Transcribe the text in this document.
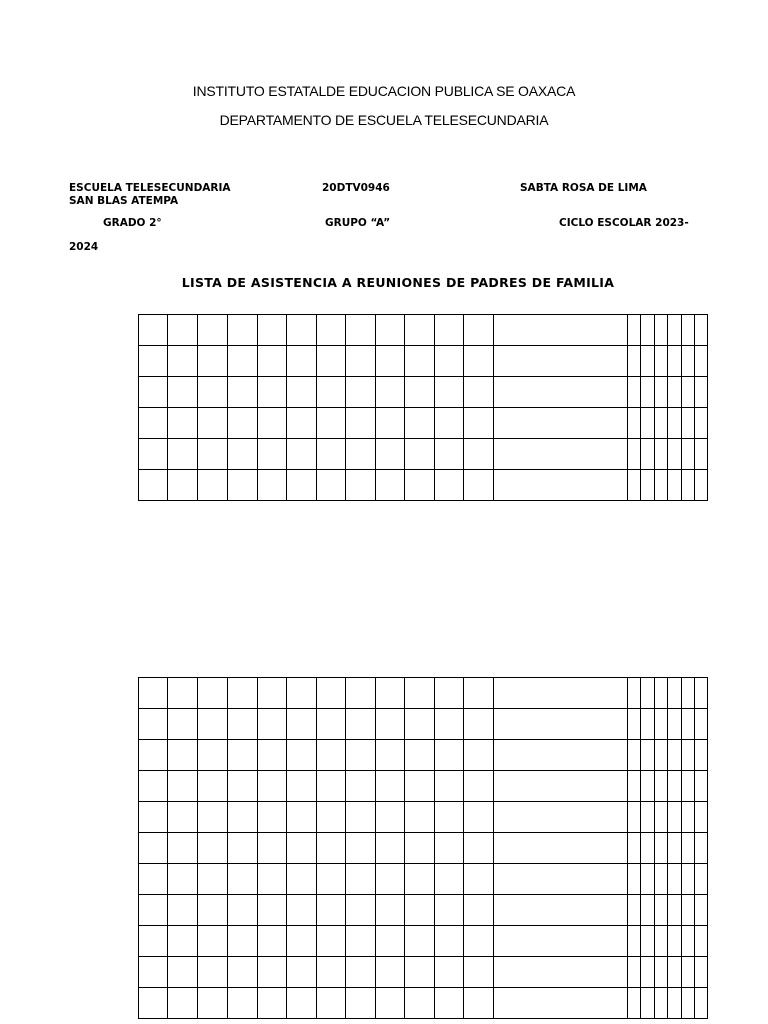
INSTITUTO ESTATALDE EDUCACION PUBLICA SE OAXACA
DEPARTAMENTO DE ESCUELA TELESECUNDARIA
ESCUELA TELESECUNDARIA
SAN BLAS ATEMPA
20DTV0946	SABTA ROSA DE LIMA
GRADO 2°	GRUPO “A”	CICLO ESCOLAR 2023-
2024
LISTA DE ASISTENCIA A REUNIONES DE PADRES DE FAMILIA
